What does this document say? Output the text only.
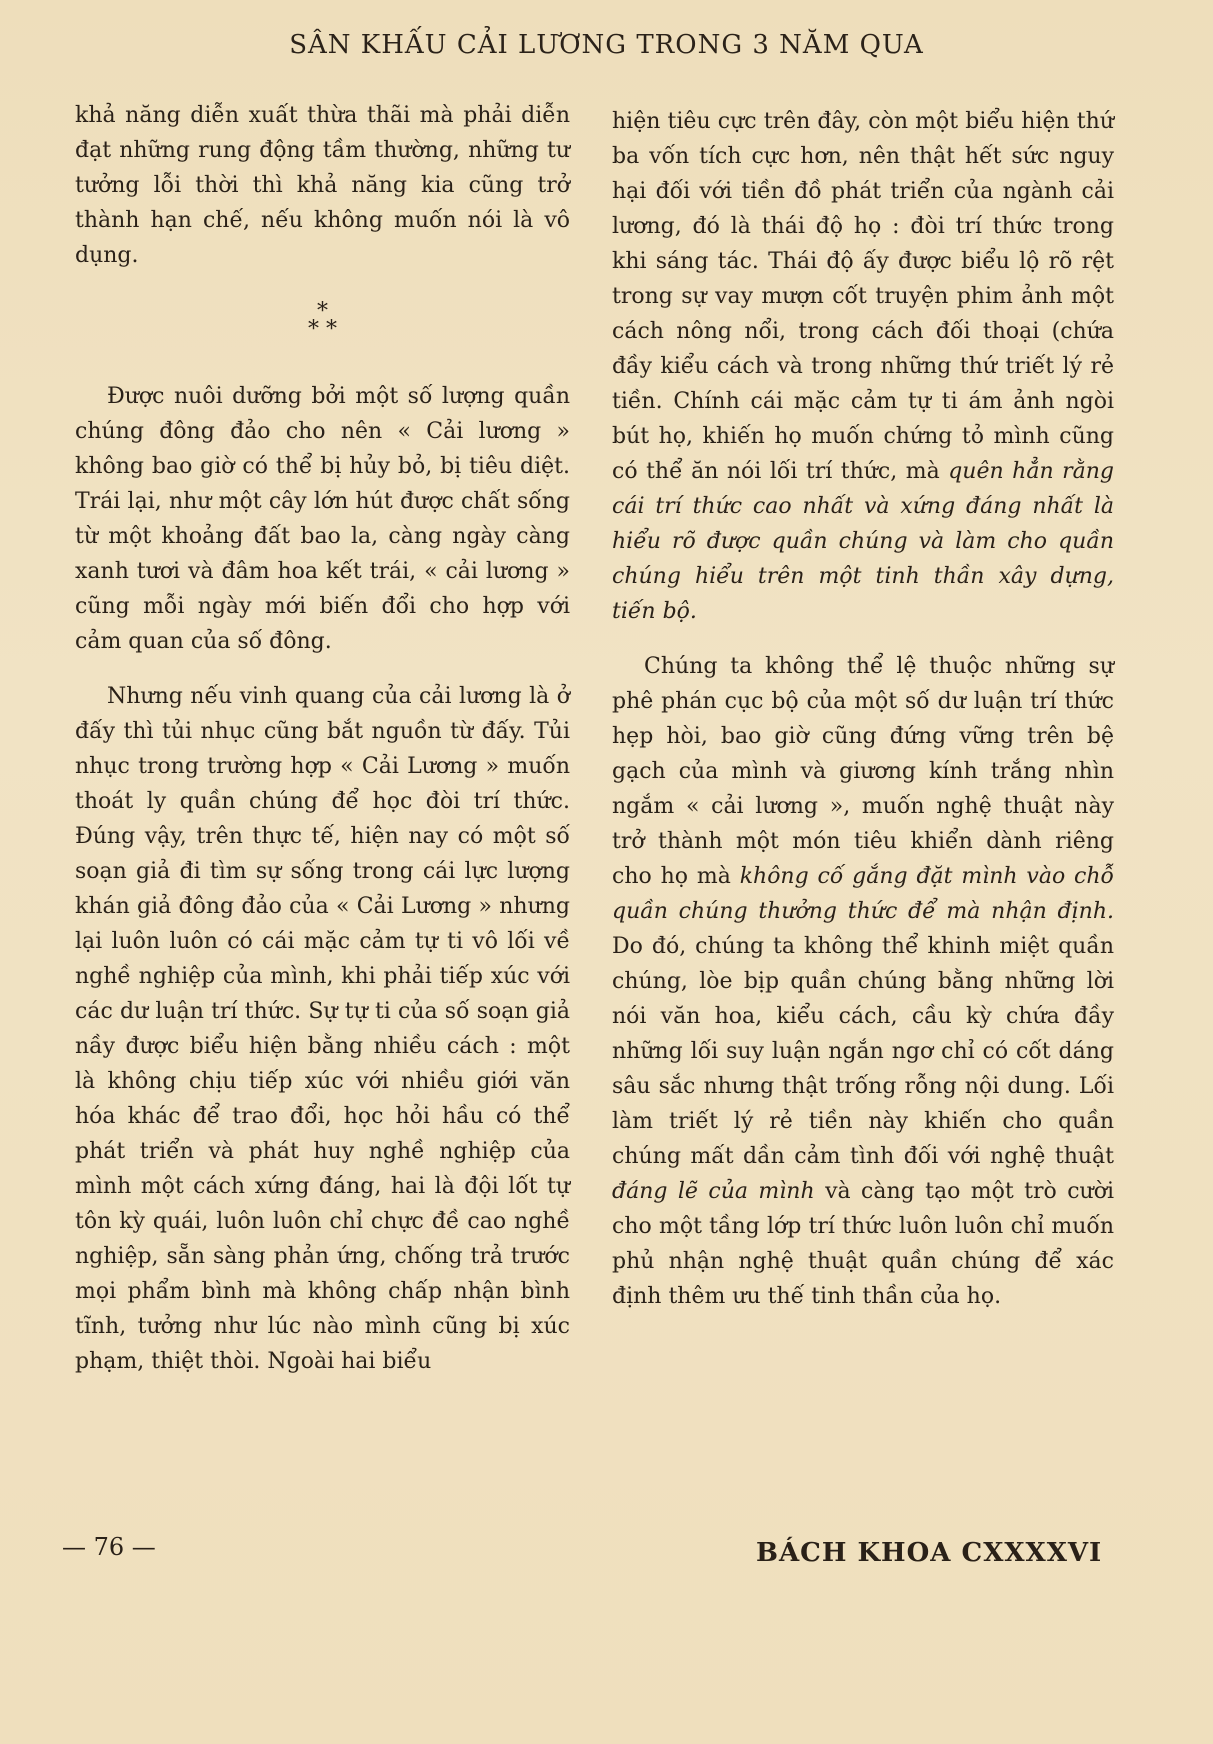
SÂN KHẤU CẢI LƯƠNG TRONG 3 NĂM QUA

khả năng diễn xuất thừa thãi mà phải diễn đạt những rung động tầm thường, những tư tưởng lỗi thời thì khả năng kia cũng trở thành hạn chế, nếu không muốn nói là vô dụng.

*
* *

Được nuôi dưỡng bởi một số lượng quần chúng đông đảo cho nên « Cải lương » không bao giờ có thể bị hủy bỏ, bị tiêu diệt. Trái lại, như một cây lớn hút được chất sống từ một khoảng đất bao la, càng ngày càng xanh tươi và đâm hoa kết trái, « cải lương » cũng mỗi ngày mới biến đổi cho hợp với cảm quan của số đông.

Nhưng nếu vinh quang của cải lương là ở đấy thì tủi nhục cũng bắt nguồn từ đấy. Tủi nhục trong trường hợp « Cải Lương » muốn thoát ly quần chúng để học đòi trí thức. Đúng vậy, trên thực tế, hiện nay có một số soạn giả đi tìm sự sống trong cái lực lượng khán giả đông đảo của « Cải Lương » nhưng lại luôn luôn có cái mặc cảm tự ti vô lối về nghề nghiệp của mình, khi phải tiếp xúc với các dư luận trí thức. Sự tự ti của số soạn giả nầy được biểu hiện bằng nhiều cách : một là không chịu tiếp xúc với nhiều giới văn hóa khác để trao đổi, học hỏi hầu có thể phát triển và phát huy nghề nghiệp của mình một cách xứng đáng, hai là đội lốt tự tôn kỳ quái, luôn luôn chỉ chực đề cao nghề nghiệp, sẵn sàng phản ứng, chống trả trước mọi phẩm bình mà không chấp nhận bình tĩnh, tưởng như lúc nào mình cũng bị xúc phạm, thiệt thòi. Ngoài hai biểu

hiện tiêu cực trên đây, còn một biểu hiện thứ ba vốn tích cực hơn, nên thật hết sức nguy hại đối với tiền đồ phát triển của ngành cải lương, đó là thái độ họ : đòi trí thức trong khi sáng tác. Thái độ ấy được biểu lộ rõ rệt trong sự vay mượn cốt truyện phim ảnh một cách nông nổi, trong cách đối thoại (chứa đầy kiểu cách và trong những thứ triết lý rẻ tiền. Chính cái mặc cảm tự ti ám ảnh ngòi bút họ, khiến họ muốn chứng tỏ mình cũng có thể ăn nói lối trí thức, mà quên hẳn rằng cái trí thức cao nhất và xứng đáng nhất là hiểu rõ được quần chúng và làm cho quần chúng hiểu trên một tinh thần xây dựng, tiến bộ.

Chúng ta không thể lệ thuộc những sự phê phán cục bộ của một số dư luận trí thức hẹp hòi, bao giờ cũng đứng vững trên bệ gạch của mình và giương kính trắng nhìn ngắm « cải lương », muốn nghệ thuật này trở thành một món tiêu khiển dành riêng cho họ mà không cố gắng đặt mình vào chỗ quần chúng thưởng thức để mà nhận định. Do đó, chúng ta không thể khinh miệt quần chúng, lòe bịp quần chúng bằng những lời nói văn hoa, kiểu cách, cầu kỳ chứa đầy những lối suy luận ngắn ngơ chỉ có cốt dáng sâu sắc nhưng thật trống rỗng nội dung. Lối làm triết lý rẻ tiền này khiến cho quần chúng mất dần cảm tình đối với nghệ thuật đáng lẽ của mình và càng tạo một trò cười cho một tầng lớp trí thức luôn luôn chỉ muốn phủ nhận nghệ thuật quần chúng để xác định thêm ưu thế tinh thần của họ.

— 76 —	BÁCH KHOA CXXXXVI
